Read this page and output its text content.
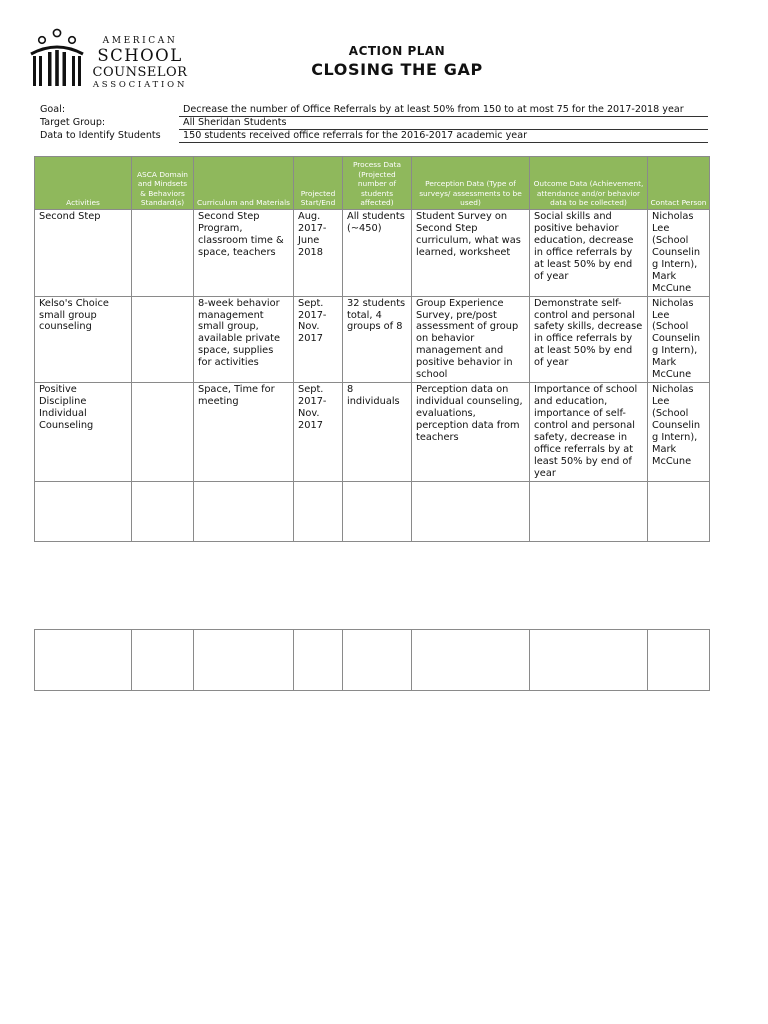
AMERICAN
SCHOOL
COUNSELOR
ASSOCIATION
ACTION PLAN
CLOSING THE GAP
Goal:	Decrease the number of Office Referrals by at least 50% from 150 to at most 75 for the 2017-2018 year
Target Group:	All Sheridan Students
Data to Identify Students	150 students received office referrals for the 2016-2017 academic year
Activities	ASCA Domain and Mindsets & Behaviors Standard(s)	Curriculum and Materials	Projected Start/End	Process Data (Projected number of students affected)	Perception Data (Type of surveys/ assessments to be used)	Outcome Data (Achievement, attendance and/or behavior data to be collected)	Contact Person
Second Step		Second Step Program, classroom time & space, teachers	Aug. 2017- June 2018	All students (~450)	Student Survey on Second Step curriculum, what was learned, worksheet	Social skills and positive behavior education, decrease in office referrals by at least 50% by end of year	Nicholas Lee (School Counselin g Intern), Mark McCune
Kelso's Choice small group counseling		8-week behavior management small group, available private space, supplies for activities	Sept. 2017- Nov. 2017	32 students total, 4 groups of 8	Group Experience Survey, pre/post assessment of group on behavior management and positive behavior in school	Demonstrate self-control and personal safety skills, decrease in office referrals by at least 50% by end of year	Nicholas Lee (School Counselin g Intern), Mark McCune
Positive Discipline Individual Counseling		Space, Time for meeting	Sept. 2017- Nov. 2017	8 individuals	Perception data on individual counseling, evaluations, perception data from teachers	Importance of school and education, importance of self-control and personal safety, decrease in office referrals by at least 50% by end of year	Nicholas Lee (School Counselin g Intern), Mark McCune
